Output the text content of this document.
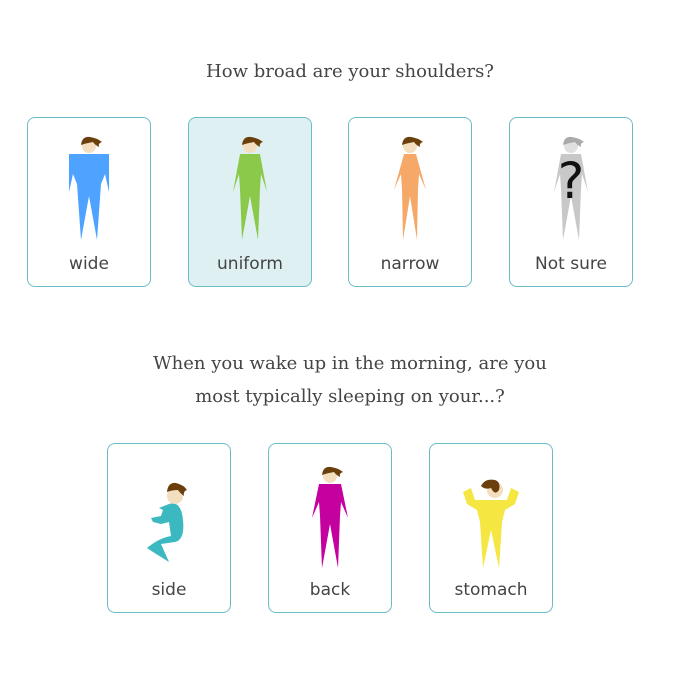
How broad are your shoulders?
wide	uniform	narrow
?
Not sure
When you wake up in the morning, are you
most typically sleeping on your...?
side	back	stomach
